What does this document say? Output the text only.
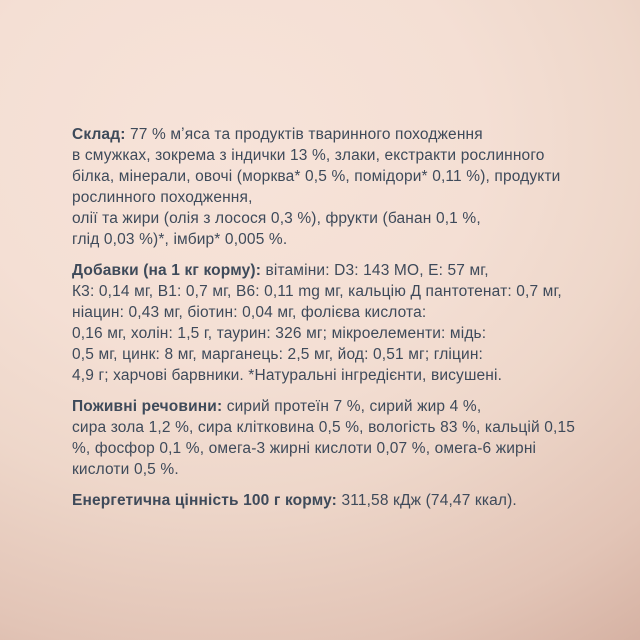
Склад: 77 % мʼяса та продуктів тваринного походження
в смужках, зокрема з індички 13 %, злаки, екстракти рослинного
білка, мінерали, овочі (морква* 0,5 %, помідори* 0,11 %), продукти
рослинного походження,
олії та жири (олія з лосося 0,3 %), фрукти (банан 0,1 %,
глід 0,03 %)*, імбир* 0,005 %.

Добавки (на 1 кг корму): вітаміни: D3: 143 МО, Е: 57 мг,
К3: 0,14 мг, В1: 0,7 мг, В6: 0,11 mg мг, кальцію Д пантотенат: 0,7 мг,
ніацин: 0,43 мг, біотин: 0,04 мг, фолієва кислота:
0,16 мг, холін: 1,5 г, таурин: 326 мг; мікроелементи: мідь:
0,5 мг, цинк: 8 мг, марганець: 2,5 мг, йод: 0,51 мг; гліцин:
4,9 г; харчові барвники. *Натуральні інгредієнти, висушені.

Поживні речовини: сирий протеїн 7 %, сирий жир 4 %,
сира зола 1,2 %, сира клітковина 0,5 %, вологість 83 %, кальцій 0,15
%, фосфор 0,1 %, омега-3 жирні кислоти 0,07 %, омега-6 жирні
кислоти 0,5 %.

Енергетична цінність 100 г корму: 311,58 кДж (74,47 ккал).
